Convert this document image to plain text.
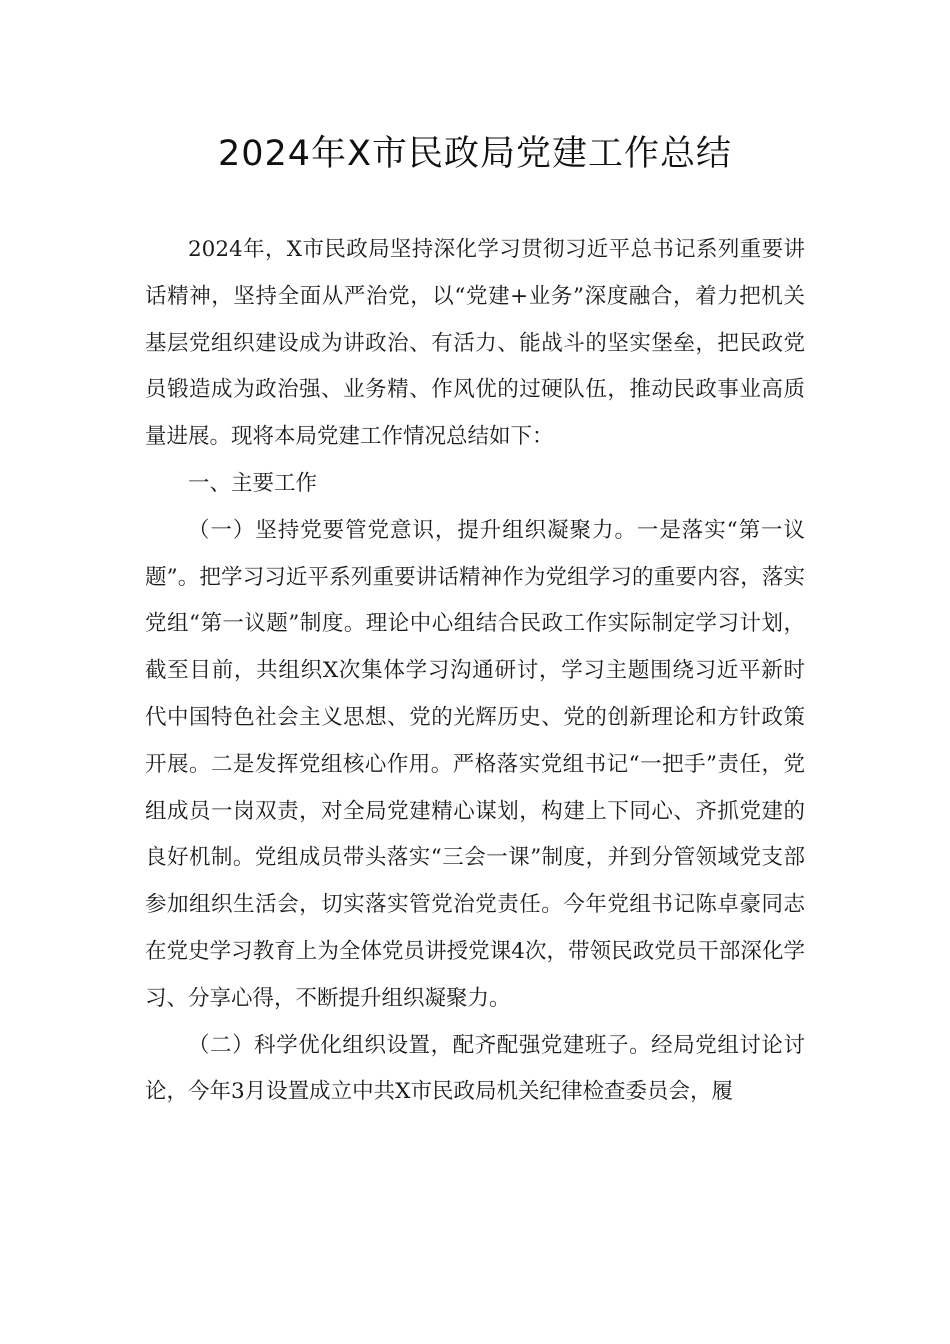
2024年X市民政局党建工作总结

2024年，X市民政局坚持深化学习贯彻习近平总书记系列重要讲话精神，坚持全面从严治党，以“党建+业务”深度融合，着力把机关基层党组织建设成为讲政治、有活力、能战斗的坚实堡垒，把民政党员锻造成为政治强、业务精、作风优的过硬队伍，推动民政事业高质量进展。现将本局党建工作情况总结如下：

一、主要工作

（一）坚持党要管党意识，提升组织凝聚力。一是落实“第一议题”。把学习习近平系列重要讲话精神作为党组学习的重要内容，落实党组“第一议题”制度。理论中心组结合民政工作实际制定学习计划，截至目前，共组织X次集体学习沟通研讨，学习主题围绕习近平新时代中国特色社会主义思想、党的光辉历史、党的创新理论和方针政策开展。二是发挥党组核心作用。严格落实党组书记“一把手”责任，党组成员一岗双责，对全局党建精心谋划，构建上下同心、齐抓党建的良好机制。党组成员带头落实“三会一课”制度，并到分管领域党支部参加组织生活会，切实落实管党治党责任。今年党组书记陈卓豪同志在党史学习教育上为全体党员讲授党课4次，带领民政党员干部深化学习、分享心得，不断提升组织凝聚力。

（二）科学优化组织设置，配齐配强党建班子。经局党组讨论讨论，今年3月设置成立中共X市民政局机关纪律检查委员会，履
